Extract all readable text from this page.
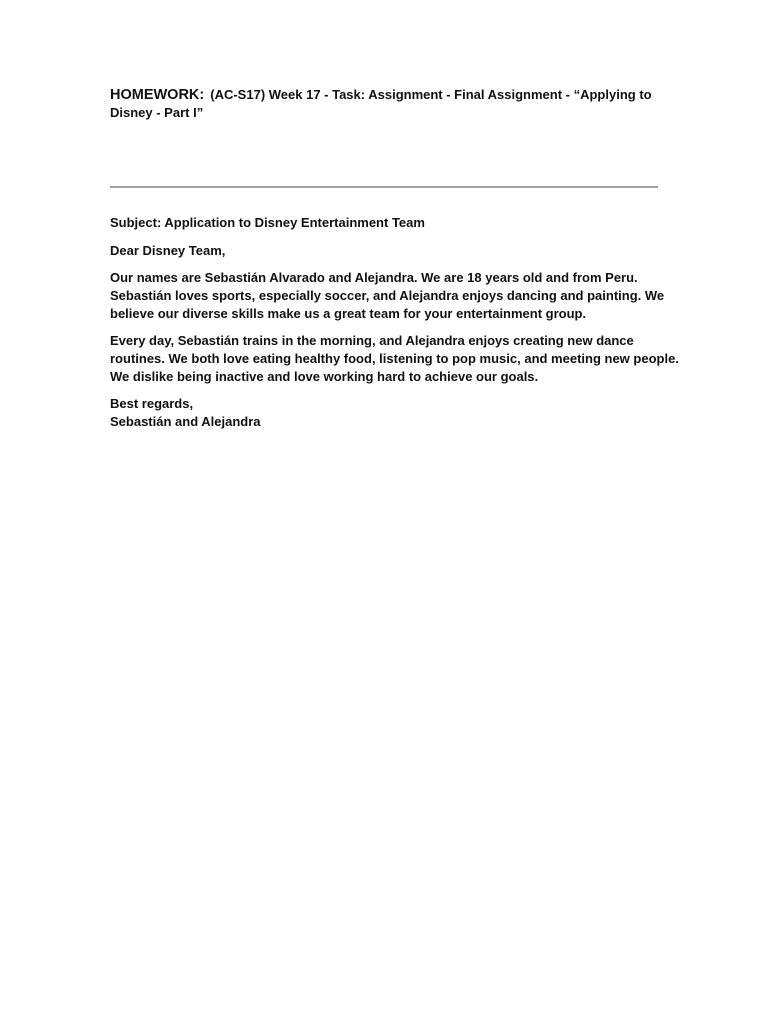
HOMEWORK: (AC-S17) Week 17 - Task: Assignment - Final Assignment - “Applying to
Disney - Part I”

Subject: Application to Disney Entertainment Team

Dear Disney Team,

Our names are Sebastián Alvarado and Alejandra. We are 18 years old and from Peru.
Sebastián loves sports, especially soccer, and Alejandra enjoys dancing and painting. We
believe our diverse skills make us a great team for your entertainment group.

Every day, Sebastián trains in the morning, and Alejandra enjoys creating new dance
routines. We both love eating healthy food, listening to pop music, and meeting new people.
We dislike being inactive and love working hard to achieve our goals.

Best regards,
Sebastián and Alejandra
